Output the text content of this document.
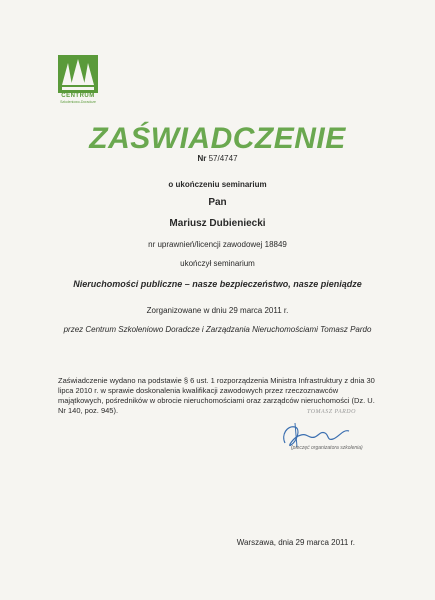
CENTRUM
Szkoleniowo-Doradcze
ZAŚWIADCZENIE
Nr 57/4747
o ukończeniu seminarium
Pan
Mariusz Dubieniecki
nr uprawnień/licencji zawodowej 18849
ukończył seminarium
Nieruchomości publiczne – nasze bezpieczeństwo, nasze pieniądze
Zorganizowane w dniu 29 marca 2011 r.
przez Centrum Szkoleniowo Doradcze i Zarządzania Nieruchomościami Tomasz Pardo
Zaświadczenie wydano na podstawie § 6 ust. 1 rozporządzenia Ministra Infrastruktury z dnia 30 lipca 2010 r. w sprawie doskonalenia kwalifikacji zawodowych przez rzeczoznawców majątkowych, pośredników w obrocie nieruchomościami oraz zarządców nieruchomości (Dz. U. Nr 140, poz. 945).	TOMASZ PARDO
(pieczęć organizatora szkolenia)
Warszawa, dnia 29 marca 2011 r.
